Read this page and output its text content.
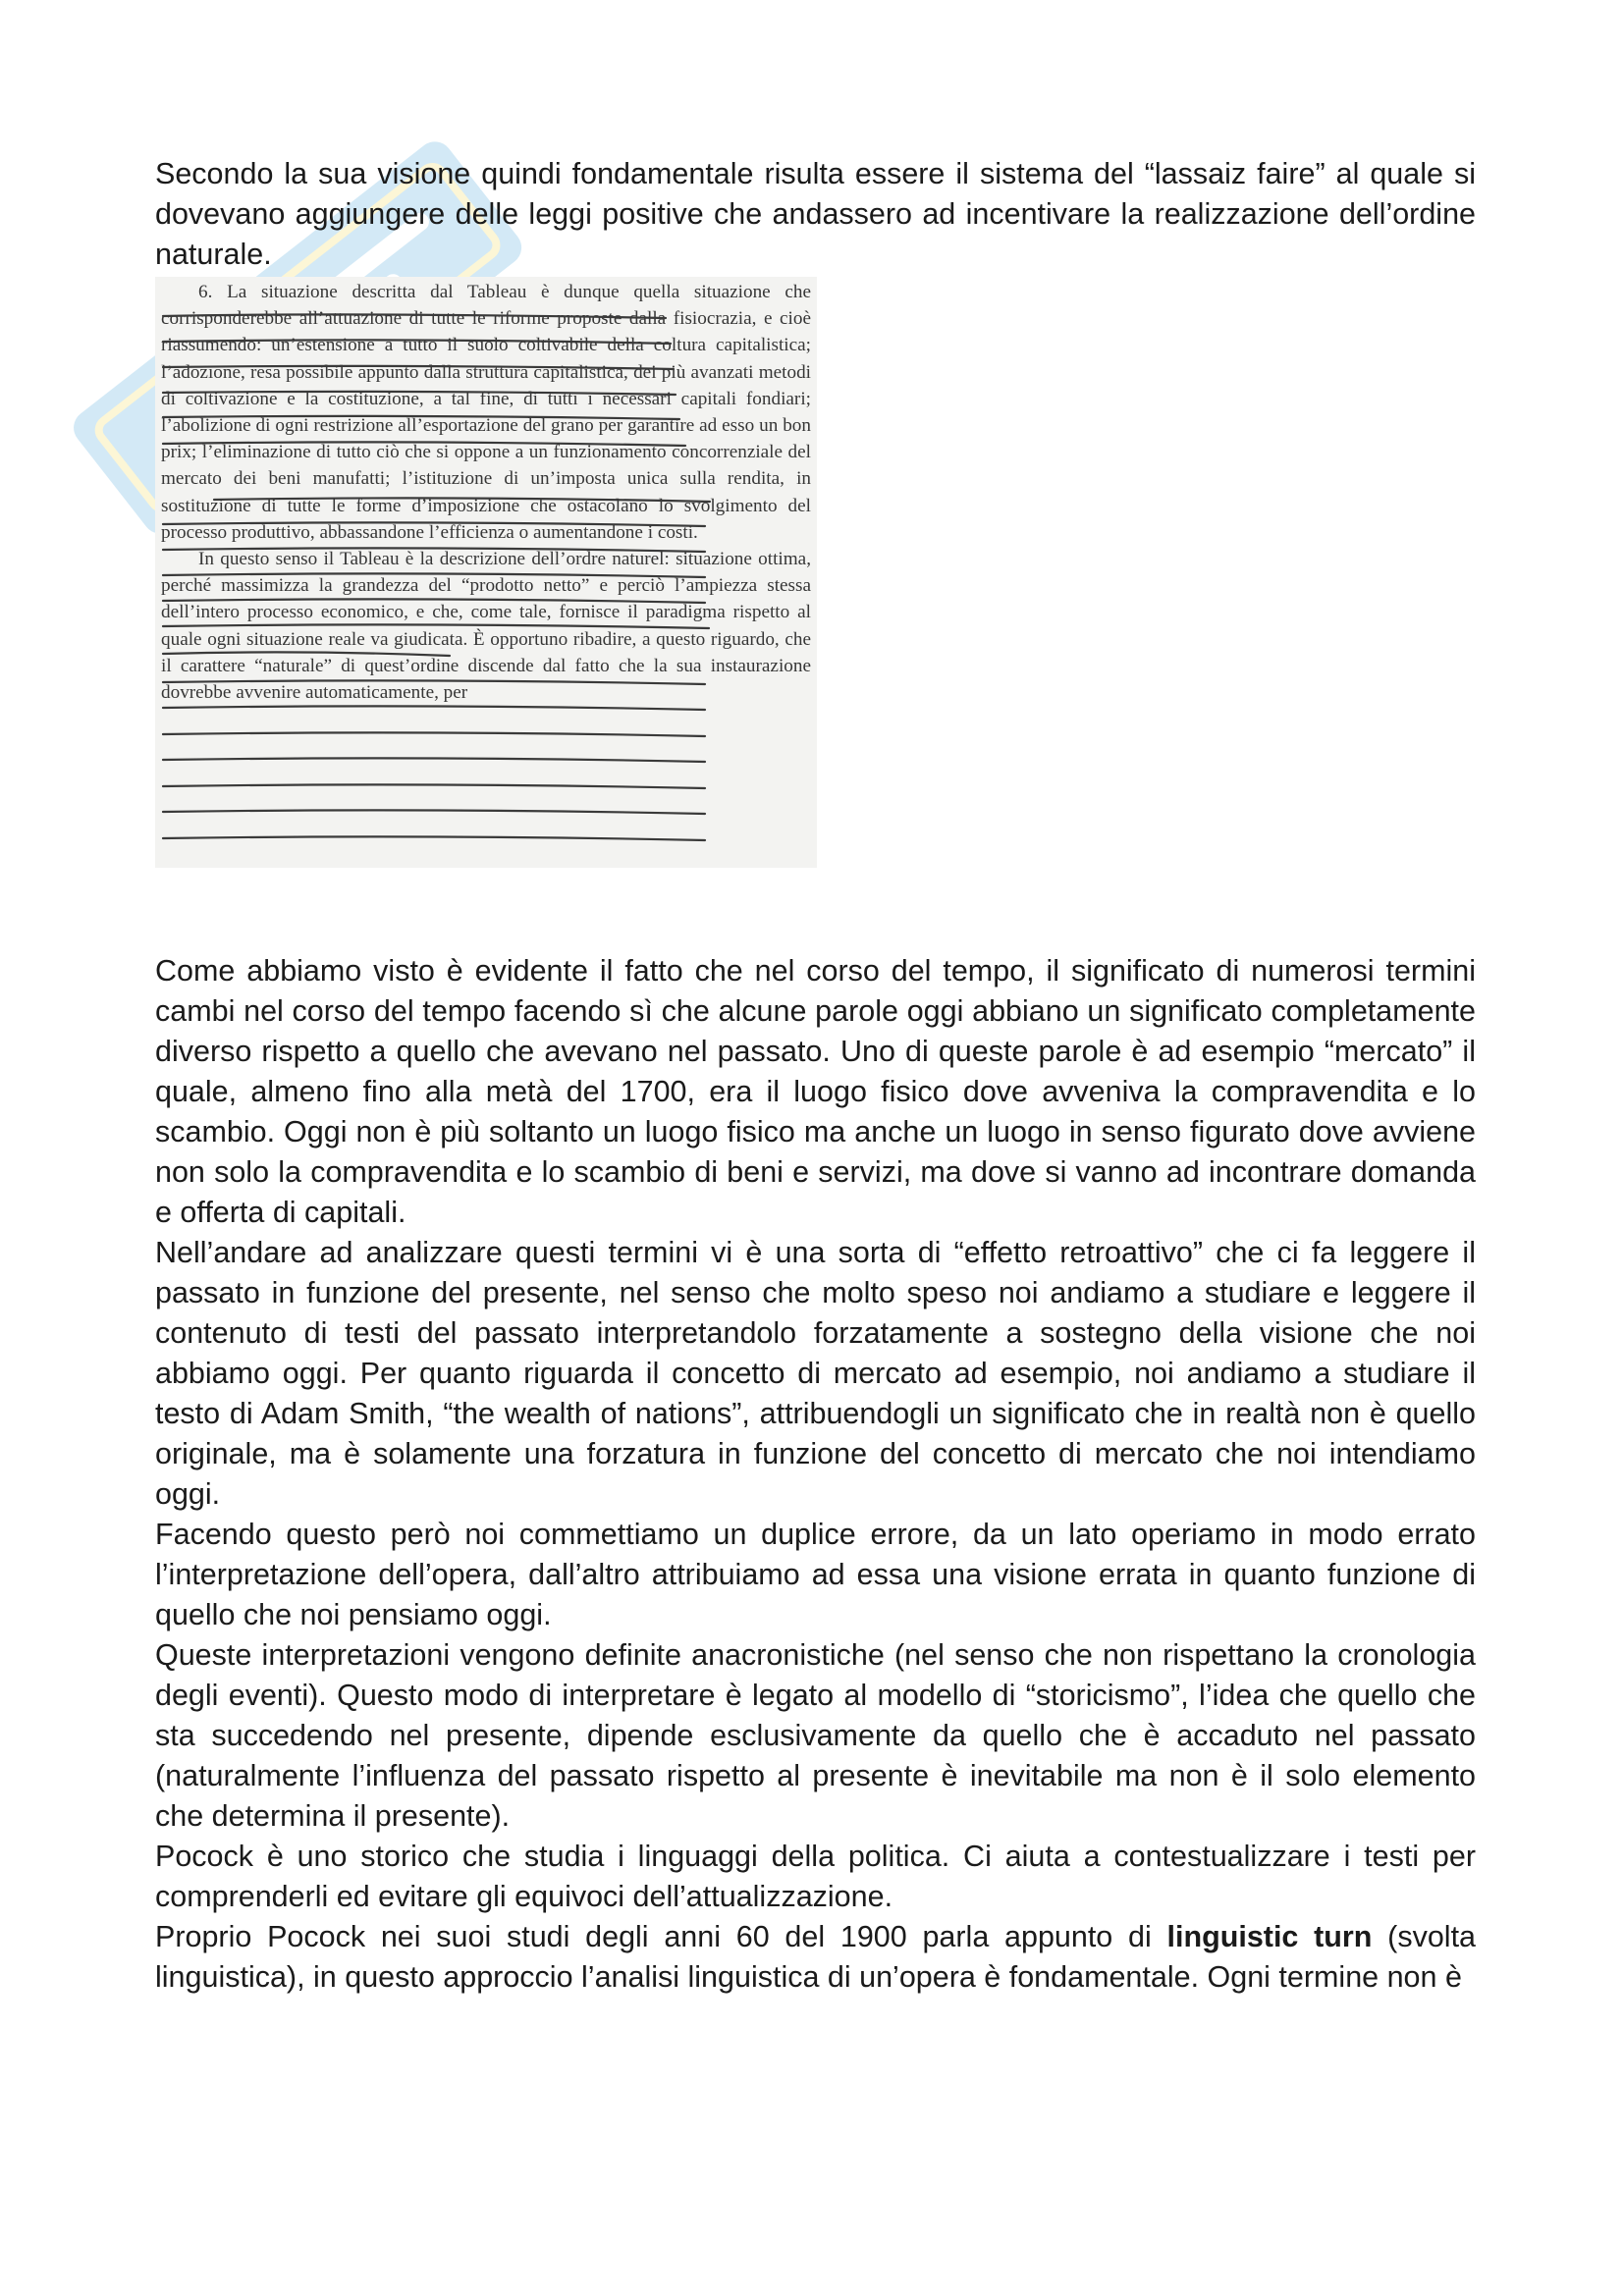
Secondo la sua visione quindi fondamentale risulta essere il sistema del “lassaiz faire” al quale si dovevano aggiungere delle leggi positive che andassero ad incentivare la realizzazione dell’ordine naturale.

6. La situazione descritta dal Tableau è dunque quella situazione che corrisponderebbe all’attuazione di tutte le riforme proposte dalla fisiocrazia, e cioè riassumendo: un’estensione a tutto il suolo coltivabile della coltura capitalistica; l’adozione, resa possibile appunto dalla struttura capitalistica, dei più avanzati metodi di coltivazione e la costituzione, a tal fine, di tutti i necessari capitali fondiari; l’abolizione di ogni restrizione all’esportazione del grano per garantire ad esso un bon prix; l’eliminazione di tutto ciò che si oppone a un funzionamento concorrenziale del mercato dei beni manufatti; l’istituzione di un’imposta unica sulla rendita, in sostituzione di tutte le forme d’imposizione che ostacolano lo svolgimento del processo produttivo, abbassandone l’efficienza o aumentandone i costi.

In questo senso il Tableau è la descrizione dell’ordre naturel: situazione ottima, perché massimizza la grandezza del “prodotto netto” e perciò l’ampiezza stessa dell’intero processo economico, e che, come tale, fornisce il paradigma rispetto al quale ogni situazione reale va giudicata. È opportuno ribadire, a questo riguardo, che il carattere “naturale” di quest’ordine discende dal fatto che la sua instaurazione dovrebbe avvenire automaticamente, per

Come abbiamo visto è evidente il fatto che nel corso del tempo, il significato di numerosi termini cambi nel corso del tempo facendo sì che alcune parole oggi abbiano un significato completamente diverso rispetto a quello che avevano nel passato. Uno di queste parole è ad esempio “mercato” il quale, almeno fino alla metà del 1700, era il luogo fisico dove avveniva la compravendita e lo scambio. Oggi non è più soltanto un luogo fisico ma anche un luogo in senso figurato dove avviene non solo la compravendita e lo scambio di beni e servizi, ma dove si vanno ad incontrare domanda e offerta di capitali.

Nell’andare ad analizzare questi termini vi è una sorta di “effetto retroattivo” che ci fa leggere il passato in funzione del presente, nel senso che molto speso noi andiamo a studiare e leggere il contenuto di testi del passato interpretandolo forzatamente a sostegno della visione che noi abbiamo oggi. Per quanto riguarda il concetto di mercato ad esempio, noi andiamo a studiare il testo di Adam Smith, “the wealth of nations”, attribuendogli un significato che in realtà non è quello originale, ma è solamente una forzatura in funzione del concetto di mercato che noi intendiamo oggi.

Facendo questo però noi commettiamo un duplice errore, da un lato operiamo in modo errato l’interpretazione dell’opera, dall’altro attribuiamo ad essa una visione errata in quanto funzione di quello che noi pensiamo oggi.

Queste interpretazioni vengono definite anacronistiche (nel senso che non rispettano la cronologia degli eventi). Questo modo di interpretare è legato al modello di “storicismo”, l’idea che quello che sta succedendo nel presente, dipende esclusivamente da quello che è accaduto nel passato (naturalmente l’influenza del passato rispetto al presente è inevitabile ma non è il solo elemento che determina il presente).

Pocock è uno storico che studia i linguaggi della politica. Ci aiuta a contestualizzare i testi per comprenderli ed evitare gli equivoci dell’attualizzazione.

Proprio Pocock nei suoi studi degli anni 60 del 1900 parla appunto di linguistic turn (svolta linguistica), in questo approccio l’analisi linguistica di un’opera è fondamentale. Ogni termine non è
